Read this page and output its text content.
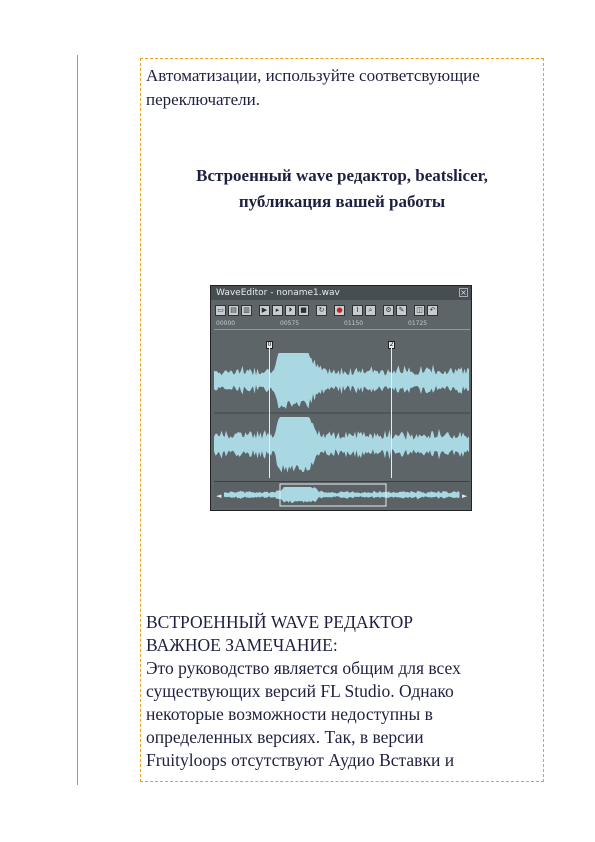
Автоматизации, используйте соответсвующие переключатели.
Встроенный wave редактор, beatslicer,
публикация вашей работы
WaveEditor - noname1.wav	×
▭ ▤ ▥	▶	▸	⏵	■	↻	●	I	⌕	⚙ ✎	◫ ↶
00000	00575	01150	01725
0	2
◄	►
ВСТРОЕННЫЙ WAVE РЕДАКТОР
ВАЖНОЕ ЗАМЕЧАНИЕ:
Это руководство является общим для всех
существующих версий FL Studio. Однако
некоторые возможности недоступны в
определенных версиях. Так, в версии
Fruityloops отсутствуют Аудио Вставки и
